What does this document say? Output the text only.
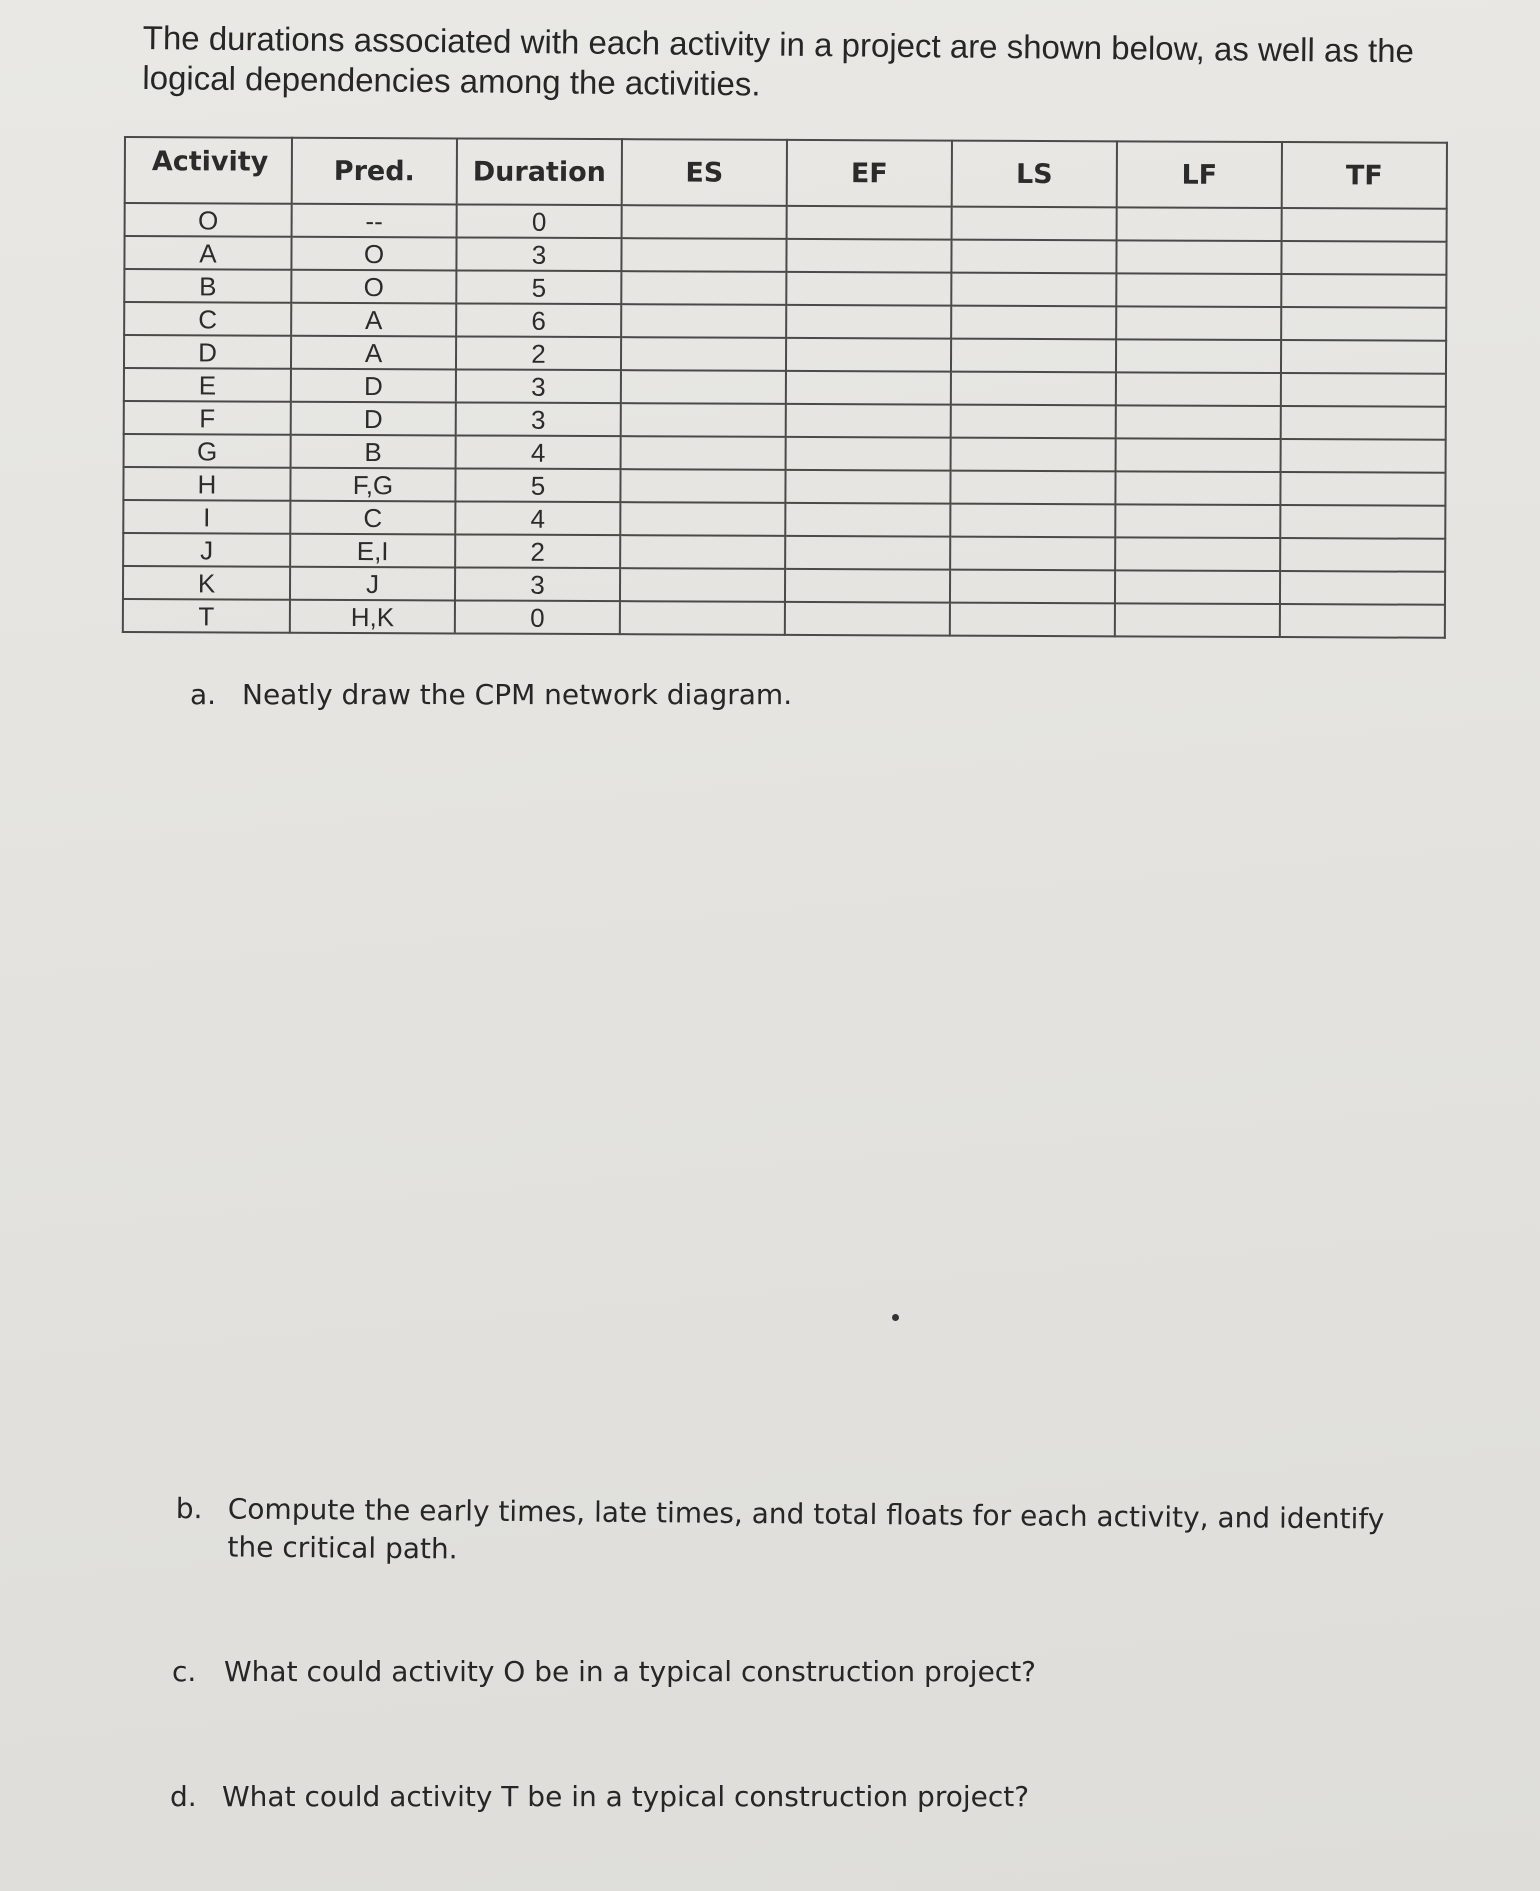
The durations associated with each activity in a project are shown below, as well as the
logical dependencies among the activities.
Activity	Pred.	Duration	ES	EF	LS	LF	TF
O	--	0					
A	O	3					
B	O	5					
C	A	6					
D	A	2					
E	D	3					
F	D	3					
G	B	4					
H	F,G	5					
I	C	4					
J	E,I	2					
K	J	3					
T	H,K	0					
a. Neatly draw the CPM network diagram.
b. Compute the early times, late times, and total floats for each activity, and identify the critical path.
c. What could activity O be in a typical construction project?
d. What could activity T be in a typical construction project?
